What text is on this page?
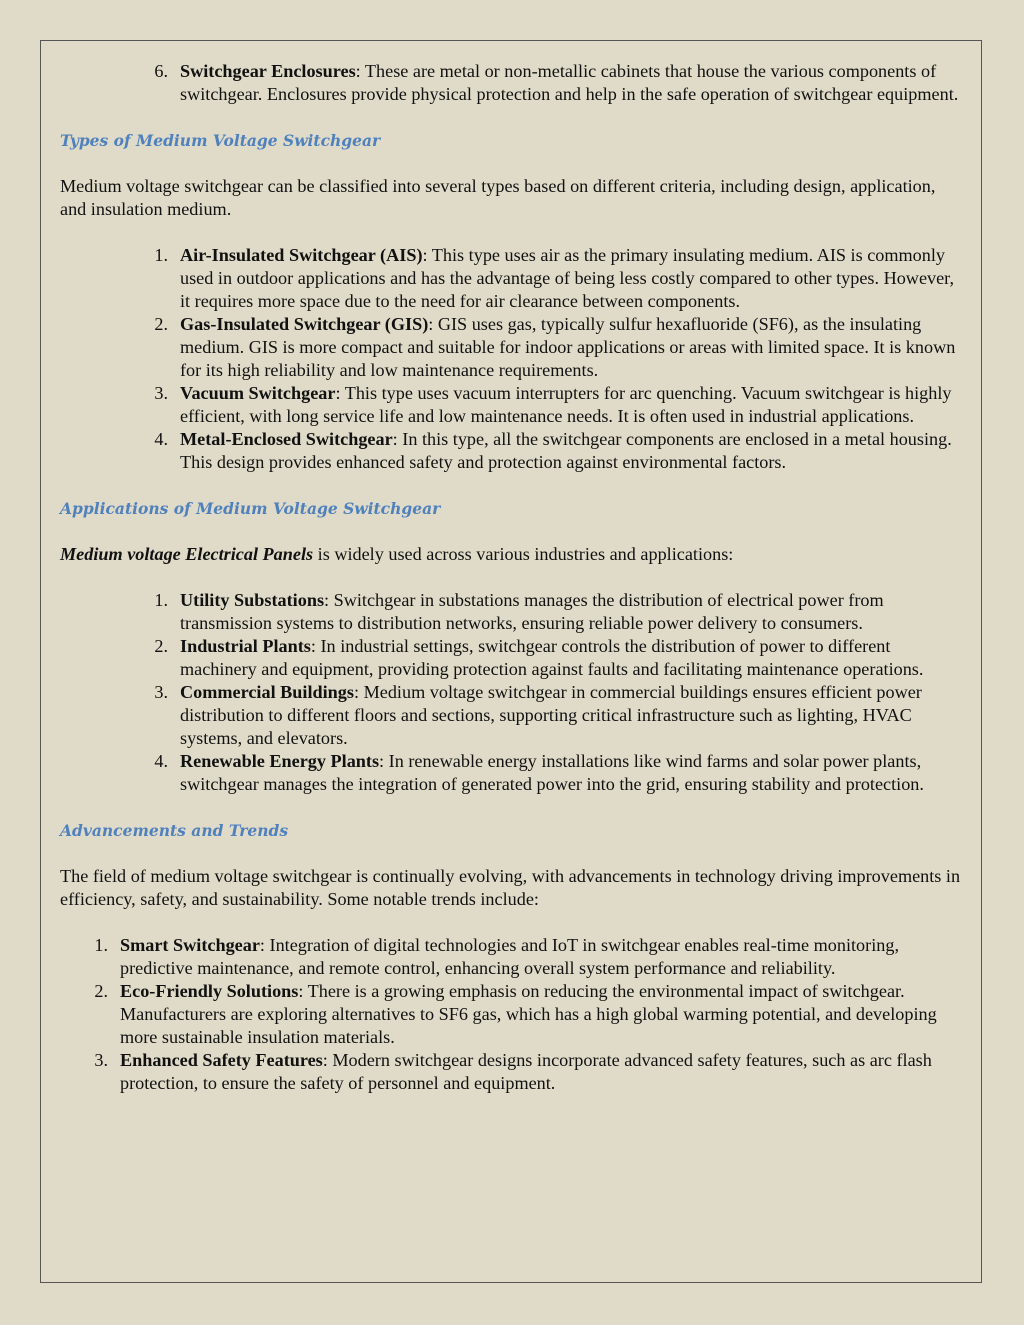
6. Switchgear Enclosures: These are metal or non-metallic cabinets that house the various components of switchgear. Enclosures provide physical protection and help in the safe operation of switchgear equipment.
Types of Medium Voltage Switchgear

Medium voltage switchgear can be classified into several types based on different criteria, including design, application, and insulation medium.

1. Air-Insulated Switchgear (AIS): This type uses air as the primary insulating medium. AIS is commonly used in outdoor applications and has the advantage of being less costly compared to other types. However, it requires more space due to the need for air clearance between components.
2. Gas-Insulated Switchgear (GIS): GIS uses gas, typically sulfur hexafluoride (SF6), as the insulating medium. GIS is more compact and suitable for indoor applications or areas with limited space. It is known for its high reliability and low maintenance requirements.
3. Vacuum Switchgear: This type uses vacuum interrupters for arc quenching. Vacuum switchgear is highly efficient, with long service life and low maintenance needs. It is often used in industrial applications.
4. Metal-Enclosed Switchgear: In this type, all the switchgear components are enclosed in a metal housing. This design provides enhanced safety and protection against environmental factors.
Applications of Medium Voltage Switchgear

Medium voltage Electrical Panels is widely used across various industries and applications:

1. Utility Substations: Switchgear in substations manages the distribution of electrical power from transmission systems to distribution networks, ensuring reliable power delivery to consumers.
2. Industrial Plants: In industrial settings, switchgear controls the distribution of power to different machinery and equipment, providing protection against faults and facilitating maintenance operations.
3. Commercial Buildings: Medium voltage switchgear in commercial buildings ensures efficient power distribution to different floors and sections, supporting critical infrastructure such as lighting, HVAC systems, and elevators.
4. Renewable Energy Plants: In renewable energy installations like wind farms and solar power plants, switchgear manages the integration of generated power into the grid, ensuring stability and protection.
Advancements and Trends

The field of medium voltage switchgear is continually evolving, with advancements in technology driving improvements in efficiency, safety, and sustainability. Some notable trends include:

1. Smart Switchgear: Integration of digital technologies and IoT in switchgear enables real-time monitoring, predictive maintenance, and remote control, enhancing overall system performance and reliability.
2. Eco-Friendly Solutions: There is a growing emphasis on reducing the environmental impact of switchgear. Manufacturers are exploring alternatives to SF6 gas, which has a high global warming potential, and developing more sustainable insulation materials.
3. Enhanced Safety Features: Modern switchgear designs incorporate advanced safety features, such as arc flash protection, to ensure the safety of personnel and equipment.
